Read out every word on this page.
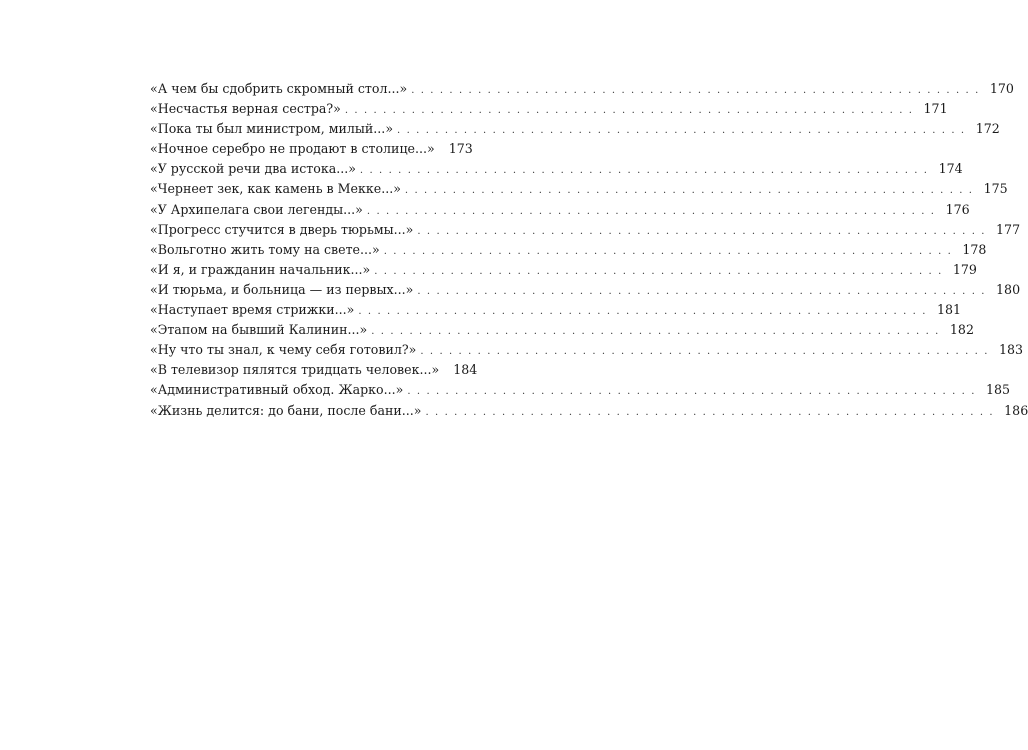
«А чем бы сдобрить скромный стол...» . . . . . . . . . . . . . . . . . . . . . . . . . . . . . . . . . . . . . . . . . . . . . . . . . . . . . . . . . . . . 170
«Несчастья верная сестра?» . . . . . . . . . . . . . . . . . . . . . . . . . . . . . . . . . . . . . . . . . . . . . . . . . . . . . . . . . . . . 171
«Пока ты был министром, милый...» . . . . . . . . . . . . . . . . . . . . . . . . . . . . . . . . . . . . . . . . . . . . . . . . . . . . . . . . . . . . 172
«Ночное серебро не продают в столице...» 173
«У русской речи два истока...» . . . . . . . . . . . . . . . . . . . . . . . . . . . . . . . . . . . . . . . . . . . . . . . . . . . . . . . . . . . . 174
«Чернеет зек, как камень в Мекке...» . . . . . . . . . . . . . . . . . . . . . . . . . . . . . . . . . . . . . . . . . . . . . . . . . . . . . . . . . . . . 175
«У Архипелага свои легенды...» . . . . . . . . . . . . . . . . . . . . . . . . . . . . . . . . . . . . . . . . . . . . . . . . . . . . . . . . . . . . 176
«Прогресс стучится в дверь тюрьмы...» . . . . . . . . . . . . . . . . . . . . . . . . . . . . . . . . . . . . . . . . . . . . . . . . . . . . . . . . . . . . 177
«Вольготно жить тому на свете...» . . . . . . . . . . . . . . . . . . . . . . . . . . . . . . . . . . . . . . . . . . . . . . . . . . . . . . . . . . . . 178
«И я, и гражданин начальник...» . . . . . . . . . . . . . . . . . . . . . . . . . . . . . . . . . . . . . . . . . . . . . . . . . . . . . . . . . . . . 179
«И тюрьма, и больница — из первых...» . . . . . . . . . . . . . . . . . . . . . . . . . . . . . . . . . . . . . . . . . . . . . . . . . . . . . . . . . . . . 180
«Наступает время стрижки...» . . . . . . . . . . . . . . . . . . . . . . . . . . . . . . . . . . . . . . . . . . . . . . . . . . . . . . . . . . . . 181
«Этапом на бывший Калинин...» . . . . . . . . . . . . . . . . . . . . . . . . . . . . . . . . . . . . . . . . . . . . . . . . . . . . . . . . . . . . 182
«Ну что ты знал, к чему себя готовил?» . . . . . . . . . . . . . . . . . . . . . . . . . . . . . . . . . . . . . . . . . . . . . . . . . . . . . . . . . . . . 183
«В телевизор пялятся тридцать человек...» 184
«Административный обход. Жарко...» . . . . . . . . . . . . . . . . . . . . . . . . . . . . . . . . . . . . . . . . . . . . . . . . . . . . . . . . . . . . 185
«Жизнь делится: до бани, после бани...» . . . . . . . . . . . . . . . . . . . . . . . . . . . . . . . . . . . . . . . . . . . . . . . . . . . . . . . . . . . . 186
